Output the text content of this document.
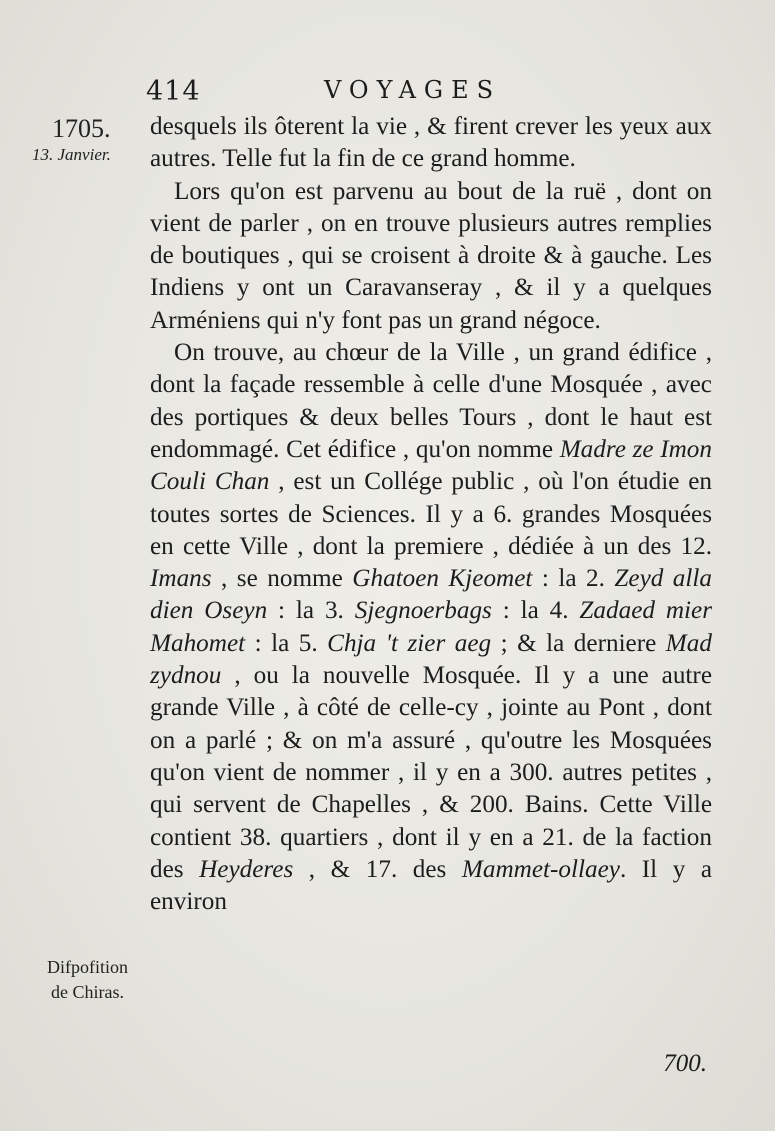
414	VOYAGES
1705.
13. Janvier.
Difpofition
de Chiras.

desquels ils ôterent la vie , & firent crever les yeux aux autres. Telle fut la fin de ce grand homme.

Lors qu'on est parvenu au bout de la ruë , dont on vient de parler , on en trouve plusieurs autres remplies de boutiques , qui se croisent à droite & à gauche. Les Indiens y ont un Caravanseray , & il y a quelques Arméniens qui n'y font pas un grand négoce.

On trouve, au chœur de la Ville , un grand édifice , dont la façade ressemble à celle d'une Mosquée , avec des portiques & deux belles Tours , dont le haut est endommagé. Cet édifice , qu'on nomme Madre ze Imon Couli Chan , est un Collége public , où l'on étudie en toutes sortes de Sciences. Il y a 6. grandes Mosquées en cette Ville , dont la premiere , dédiée à un des 12. Imans , se nomme Ghatoen Kjeomet : la 2. Zeyd alla dien Oseyn : la 3. Sjegnoerbags : la 4. Zadaed mier Mahomet : la 5. Chja 't zier aeg ; & la derniere Mad zydnou , ou la nouvelle Mosquée. Il y a une autre grande Ville , à côté de celle-cy , jointe au Pont , dont on a parlé ; & on m'a assuré , qu'outre les Mosquées qu'on vient de nommer , il y en a 300. autres petites , qui servent de Chapelles , & 200. Bains. Cette Ville contient 38. quartiers , dont il y en a 21. de la faction des Heyderes , & 17. des Mammet-ollaey. Il y a environ

700.
